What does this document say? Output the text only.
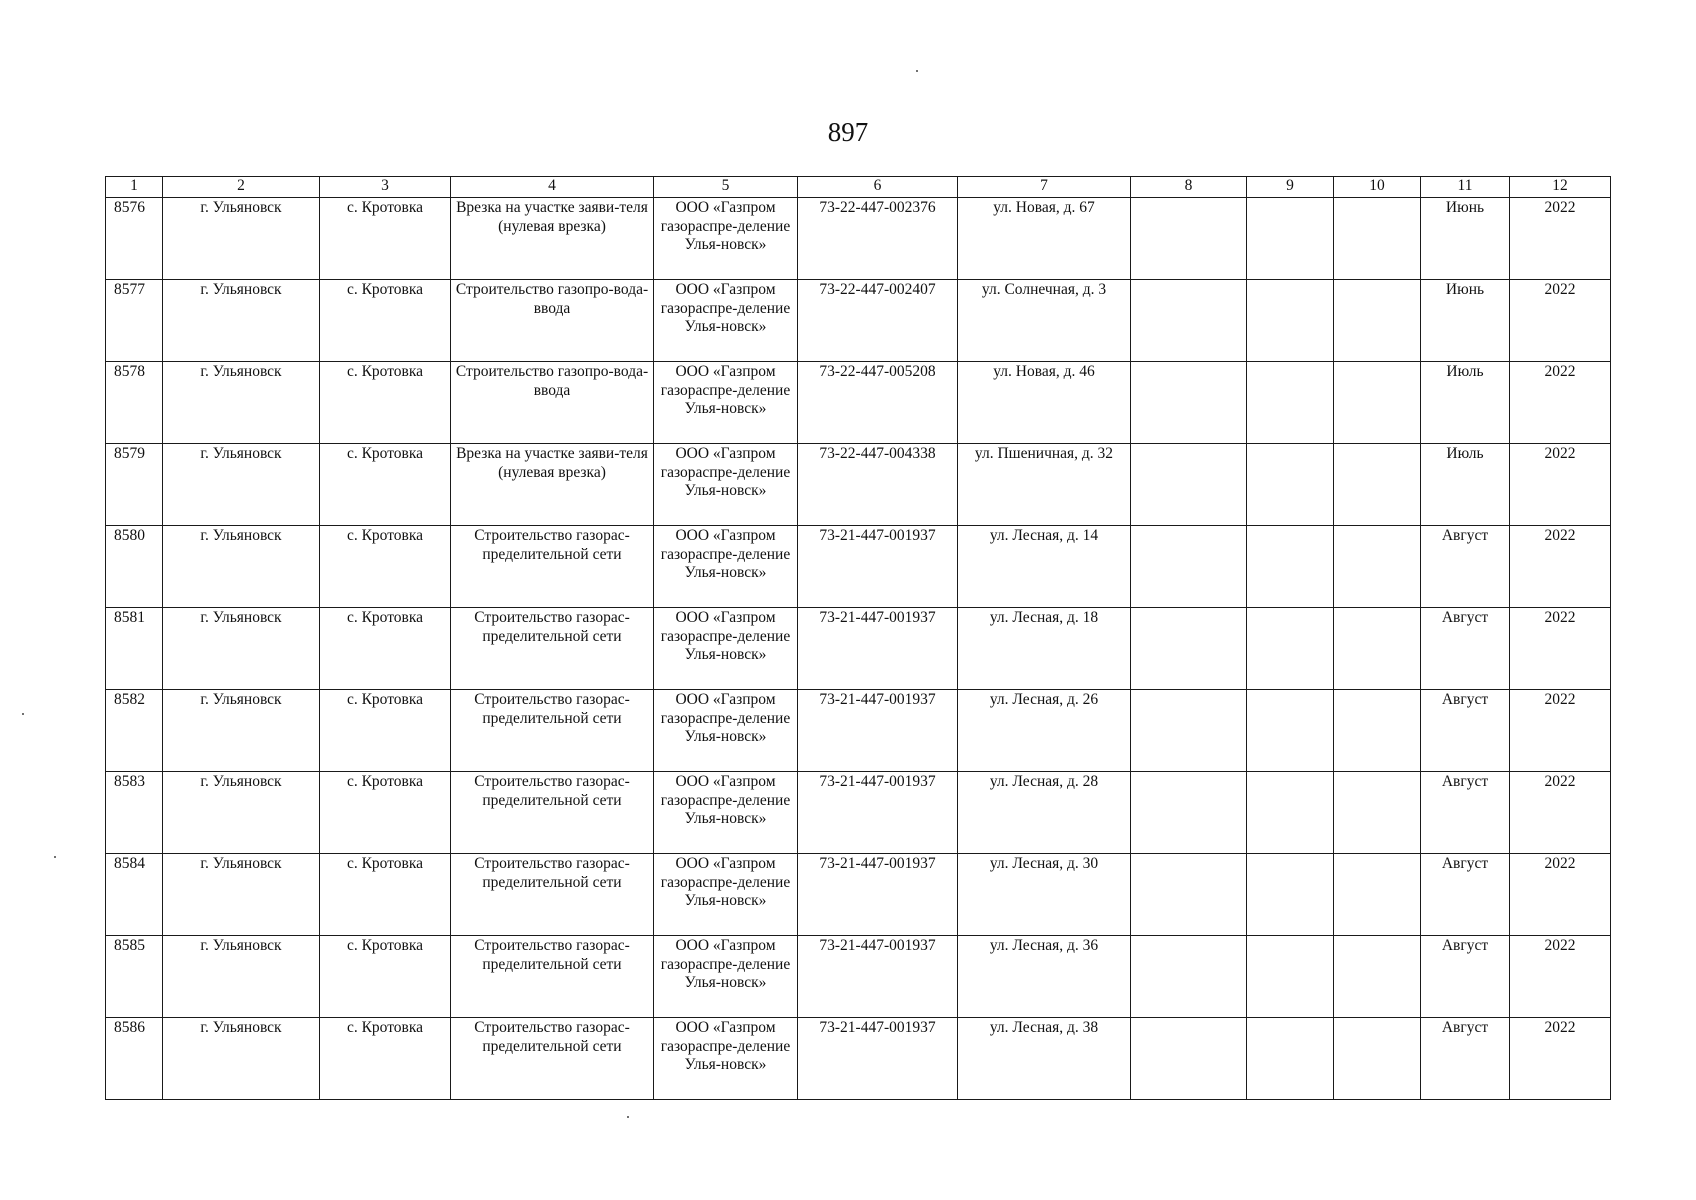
897
1	2	3	4	5	6	7	8	9	10	11	12
8576	г. Ульяновск	с. Кротовка	Врезка на участке заяви-теля (нулевая врезка)	ООО «Газпром газораспре-деление Улья-новск»	73-22-447-002376	ул. Новая, д. 67				Июнь	2022
8577	г. Ульяновск	с. Кротовка	Строительство газопро-вода-ввода	ООО «Газпром газораспре-деление Улья-новск»	73-22-447-002407	ул. Солнечная, д. 3				Июнь	2022
8578	г. Ульяновск	с. Кротовка	Строительство газопро-вода-ввода	ООО «Газпром газораспре-деление Улья-новск»	73-22-447-005208	ул. Новая, д. 46				Июль	2022
8579	г. Ульяновск	с. Кротовка	Врезка на участке заяви-теля (нулевая врезка)	ООО «Газпром газораспре-деление Улья-новск»	73-22-447-004338	ул. Пшеничная, д. 32				Июль	2022
8580	г. Ульяновск	с. Кротовка	Строительство газорас-пределительной сети	ООО «Газпром газораспре-деление Улья-новск»	73-21-447-001937	ул. Лесная, д. 14				Август	2022
8581	г. Ульяновск	с. Кротовка	Строительство газорас-пределительной сети	ООО «Газпром газораспре-деление Улья-новск»	73-21-447-001937	ул. Лесная, д. 18				Август	2022
8582	г. Ульяновск	с. Кротовка	Строительство газорас-пределительной сети	ООО «Газпром газораспре-деление Улья-новск»	73-21-447-001937	ул. Лесная, д. 26				Август	2022
8583	г. Ульяновск	с. Кротовка	Строительство газорас-пределительной сети	ООО «Газпром газораспре-деление Улья-новск»	73-21-447-001937	ул. Лесная, д. 28				Август	2022
8584	г. Ульяновск	с. Кротовка	Строительство газорас-пределительной сети	ООО «Газпром газораспре-деление Улья-новск»	73-21-447-001937	ул. Лесная, д. 30				Август	2022
8585	г. Ульяновск	с. Кротовка	Строительство газорас-пределительной сети	ООО «Газпром газораспре-деление Улья-новск»	73-21-447-001937	ул. Лесная, д. 36				Август	2022
8586	г. Ульяновск	с. Кротовка	Строительство газорас-пределительной сети	ООО «Газпром газораспре-деление Улья-новск»	73-21-447-001937	ул. Лесная, д. 38				Август	2022
